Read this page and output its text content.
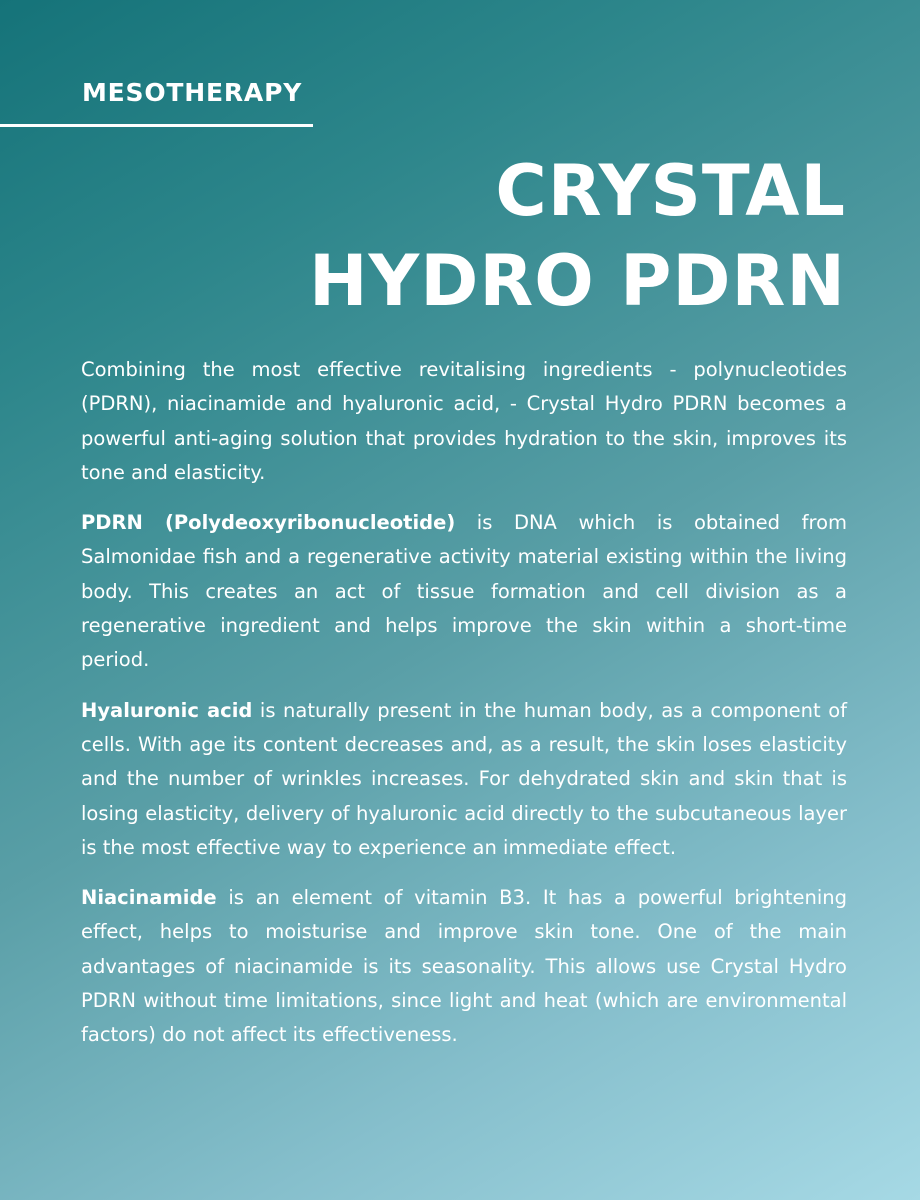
MESOTHERAPY
CRYSTAL
HYDRO PDRN

Combining the most effective revitalising ingredients - polynucleotides (PDRN), niacinamide and hyaluronic acid, - Crystal Hydro PDRN becomes a powerful anti-aging solution that provides hydration to the skin, improves its tone and elasticity.

PDRN (Polydeoxyribonucleotide) is DNA which is obtained from Salmonidae fish and a regenerative activity material existing within the living body. This creates an act of tissue formation and cell division as a regenerative ingredient and helps improve the skin within a short-time period.

Hyaluronic acid is naturally present in the human body, as a component of cells. With age its content decreases and, as a result, the skin loses elasticity and the number of wrinkles increases. For dehydrated skin and skin that is losing elasticity, delivery of hyaluronic acid directly to the subcutaneous layer is the most effective way to experience an immediate effect.

Niacinamide is an element of vitamin B3. It has a powerful brightening effect, helps to moisturise and improve skin tone. One of the main advantages of niacinamide is its seasonality. This allows use Crystal Hydro PDRN without time limitations, since light and heat (which are environmental factors) do not affect its effectiveness.
